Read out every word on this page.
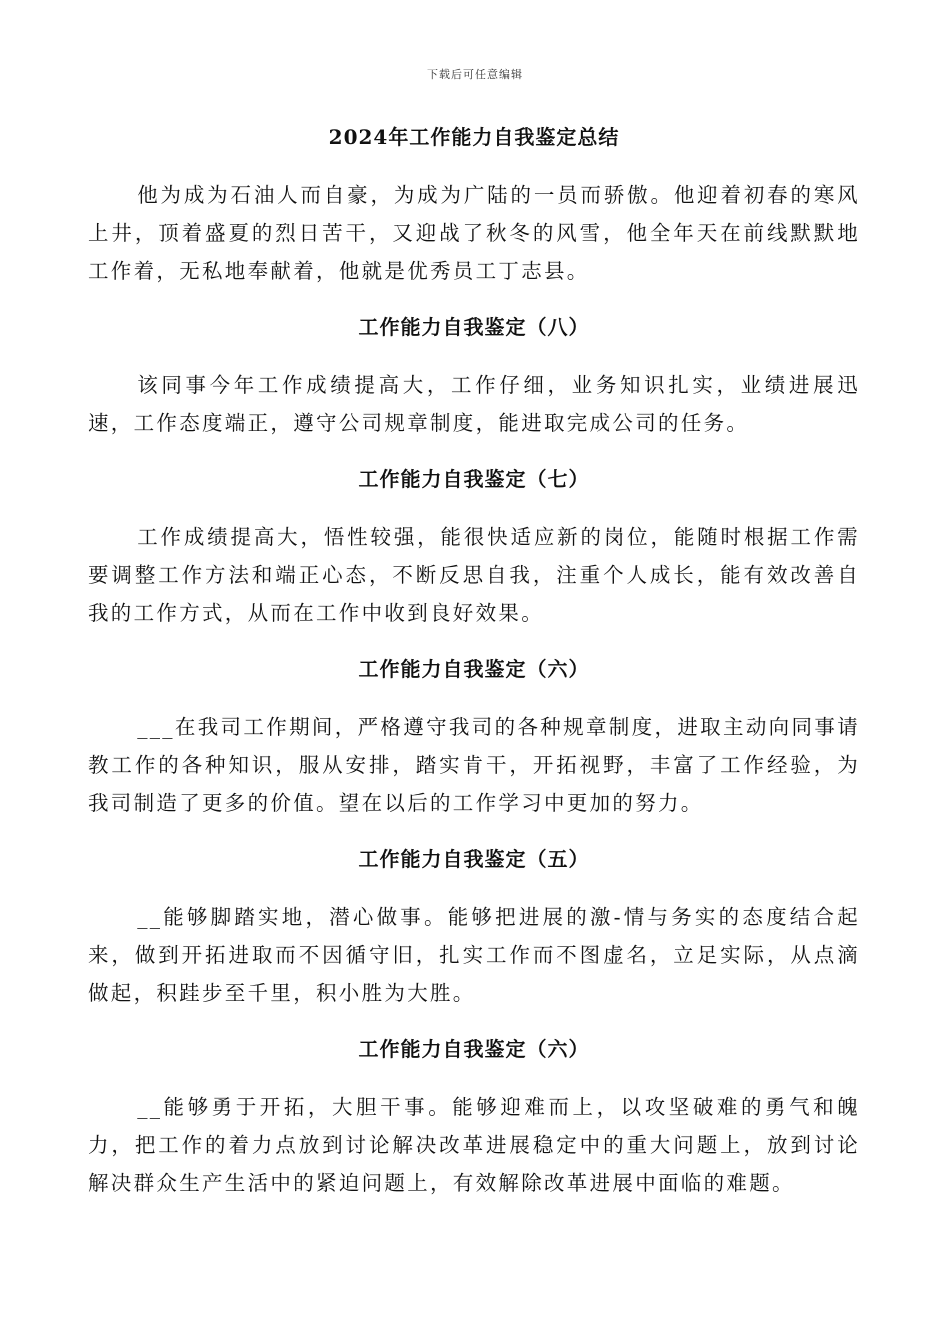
下载后可任意编辑
2024年工作能力自我鉴定总结

他为成为石油人而自豪，为成为广陆的一员而骄傲。他迎着初春的寒风上井，顶着盛夏的烈日苦干，又迎战了秋冬的风雪，他全年天在前线默默地工作着，无私地奉献着，他就是优秀员工丁志县。

工作能力自我鉴定（八）

该同事今年工作成绩提高大，工作仔细，业务知识扎实，业绩进展迅速，工作态度端正，遵守公司规章制度，能进取完成公司的任务。

工作能力自我鉴定（七）

工作成绩提高大，悟性较强，能很快适应新的岗位，能随时根据工作需要调整工作方法和端正心态，不断反思自我，注重个人成长，能有效改善自我的工作方式，从而在工作中收到良好效果。

工作能力自我鉴定（六）

___在我司工作期间，严格遵守我司的各种规章制度，进取主动向同事请教工作的各种知识，服从安排，踏实肯干，开拓视野，丰富了工作经验，为我司制造了更多的价值。望在以后的工作学习中更加的努力。

工作能力自我鉴定（五）

__能够脚踏实地，潜心做事。能够把进展的激-情与务实的态度结合起来，做到开拓进取而不因循守旧，扎实工作而不图虚名，立足实际，从点滴做起，积跬步至千里，积小胜为大胜。

工作能力自我鉴定（六）

__能够勇于开拓，大胆干事。能够迎难而上，以攻坚破难的勇气和魄力，把工作的着力点放到讨论解决改革进展稳定中的重大问题上，放到讨论解决群众生产生活中的紧迫问题上，有效解除改革进展中面临的难题。
